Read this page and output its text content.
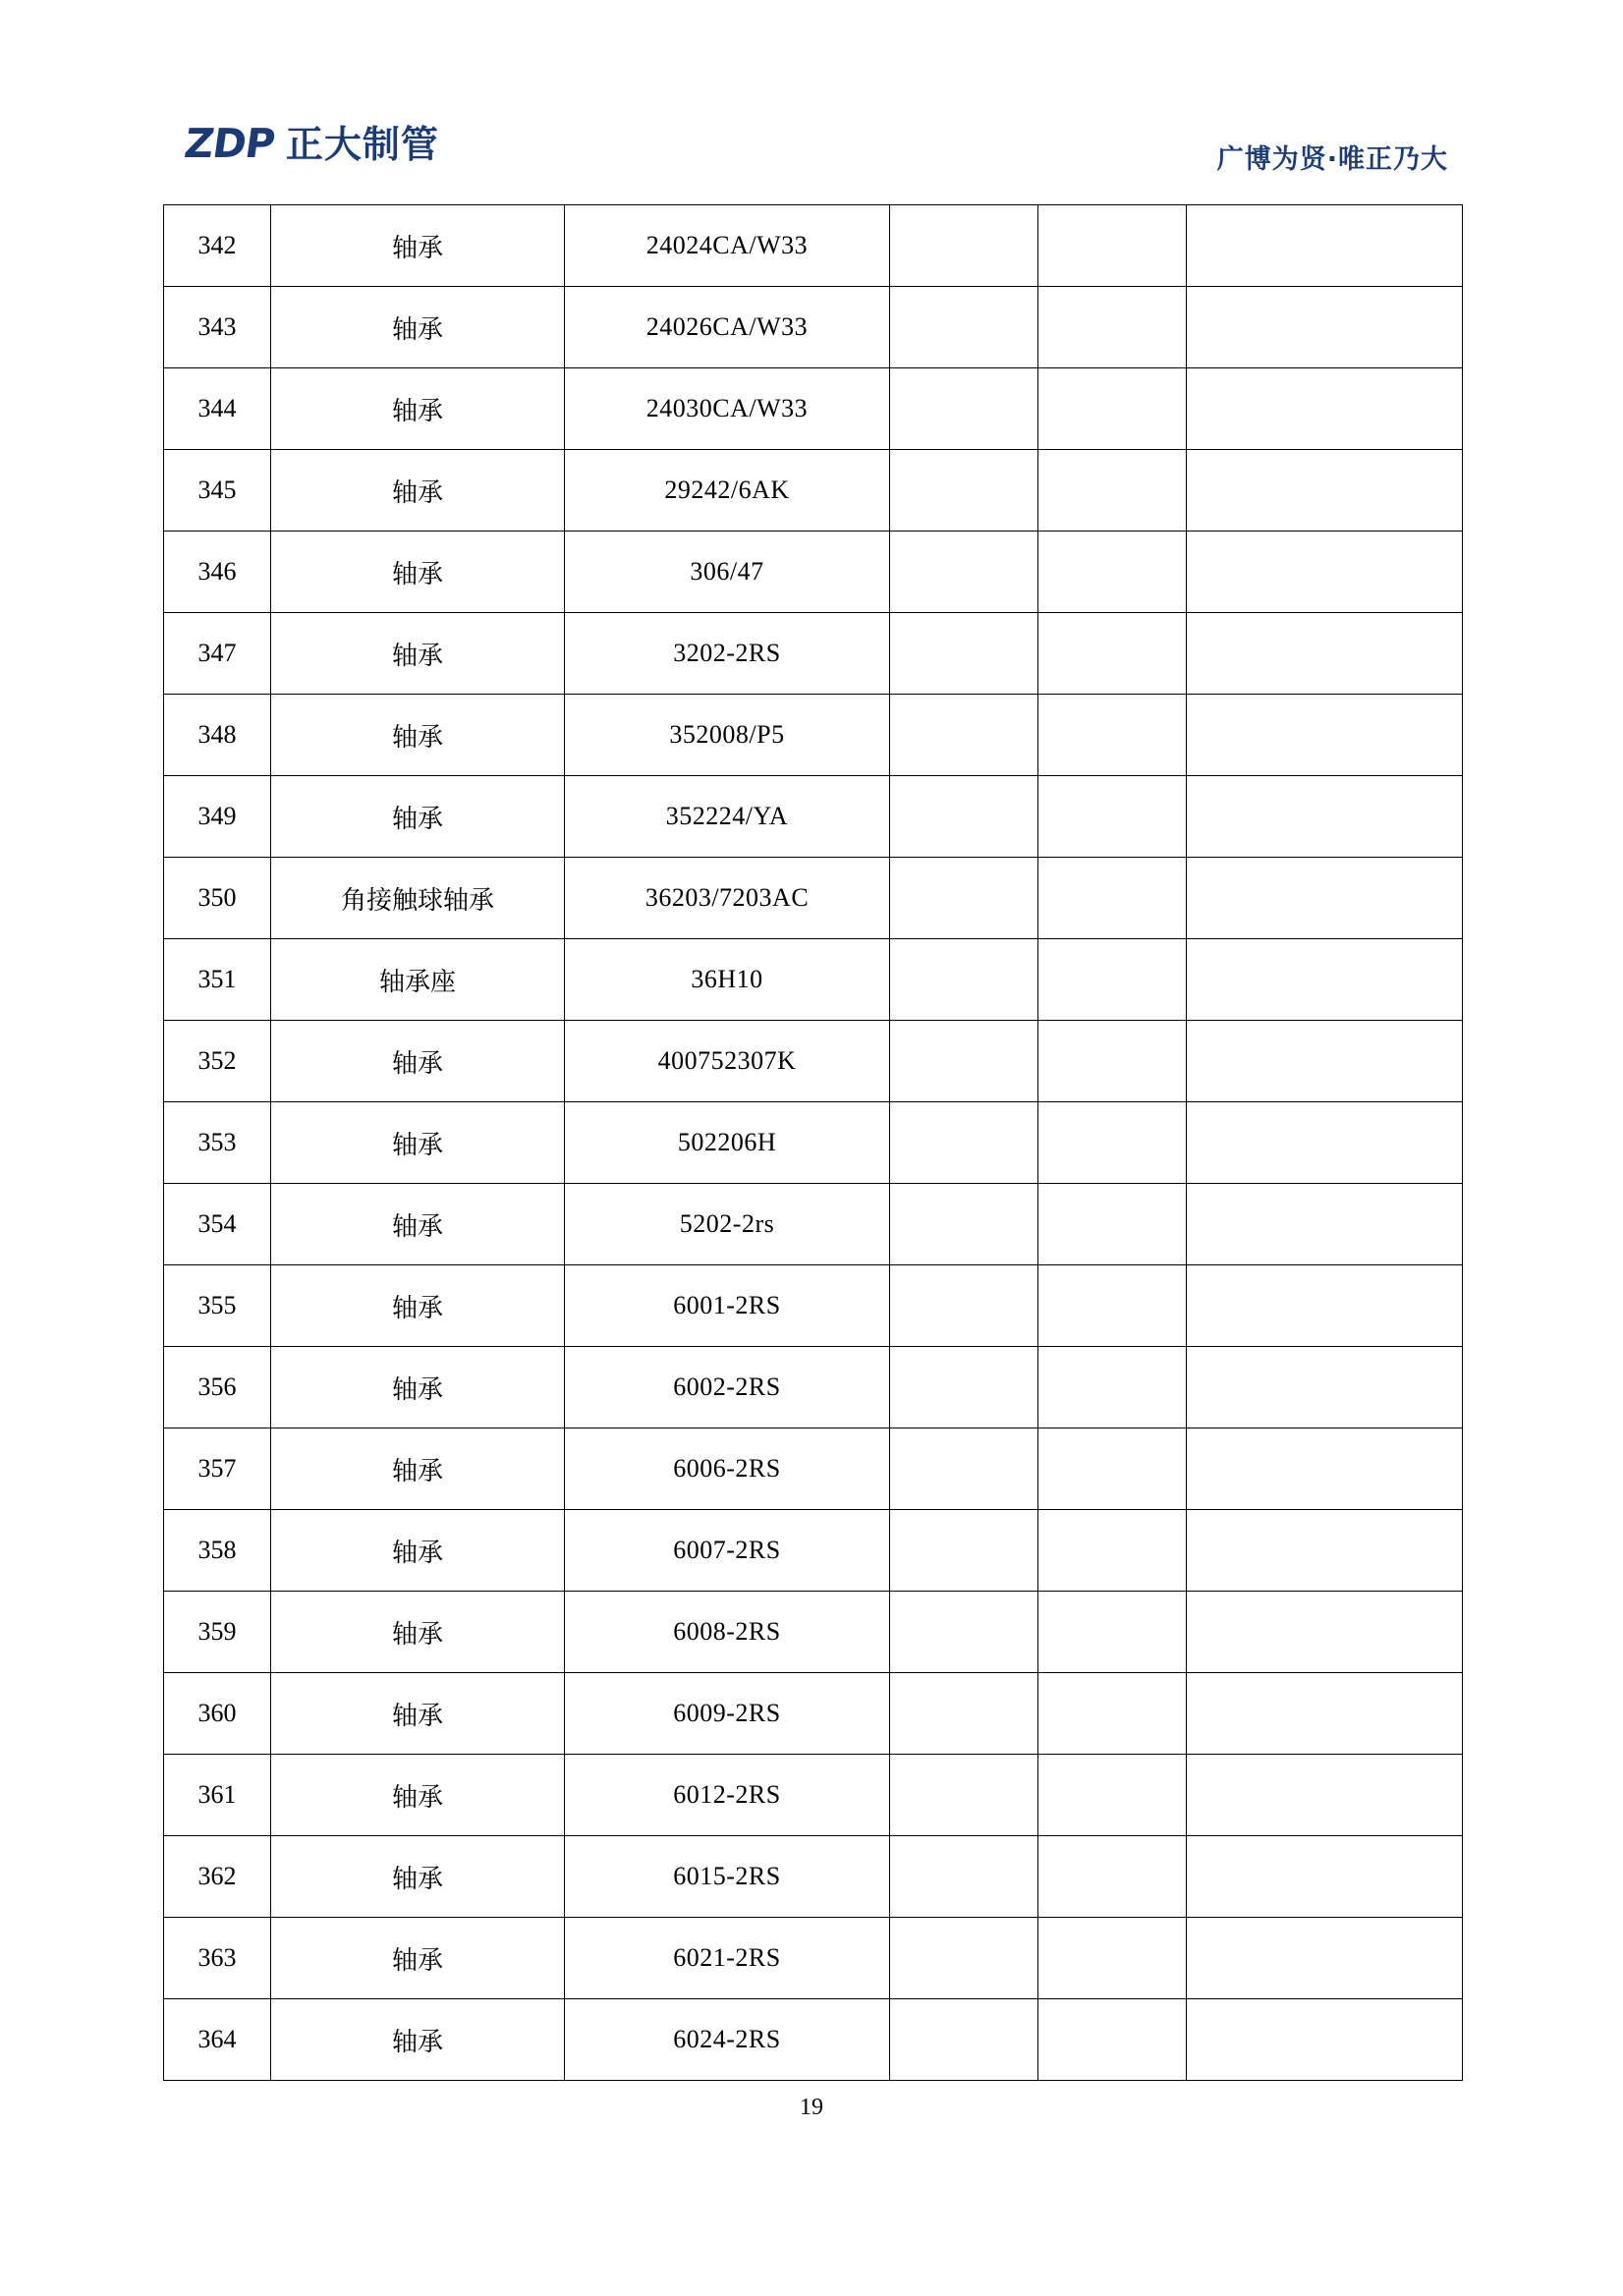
ZDP 正大制管	广博为贤·唯正乃大
342	轴承	24024CA/W33			
343	轴承	24026CA/W33			
344	轴承	24030CA/W33			
345	轴承	29242/6AK			
346	轴承	306/47			
347	轴承	3202-2RS			
348	轴承	352008/P5			
349	轴承	352224/YA			
350	角接触球轴承	36203/7203AC			
351	轴承座	36H10			
352	轴承	400752307K			
353	轴承	502206H			
354	轴承	5202-2rs			
355	轴承	6001-2RS			
356	轴承	6002-2RS			
357	轴承	6006-2RS			
358	轴承	6007-2RS			
359	轴承	6008-2RS			
360	轴承	6009-2RS			
361	轴承	6012-2RS			
362	轴承	6015-2RS			
363	轴承	6021-2RS			
364	轴承	6024-2RS			
19
